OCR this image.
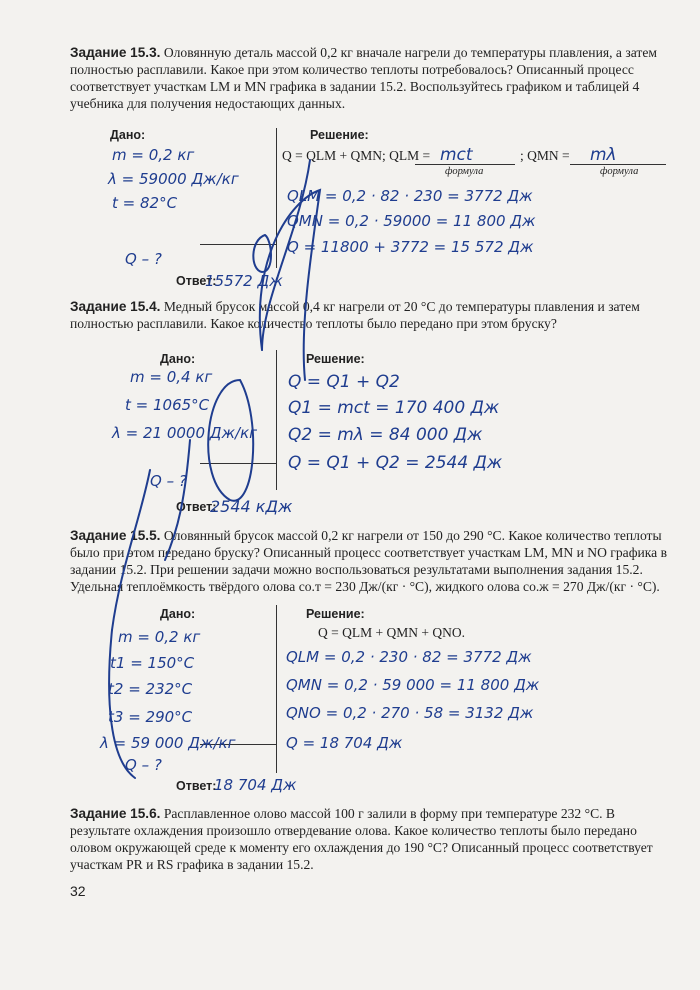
Задание 15.3. Оловянную деталь массой 0,2 кг вначале нагрели до температуры плавления, а затем полностью расплавили. Какое при этом количество теплоты потребовалось? Описанный процесс соответствует участкам LM и MN графика в задании 15.2. Воспользуйтесь графиком и таблицей 4 учебника для получения недостающих данных.
Дано:	Решение:
Q = QLM + QMN; QLM =	; QMN =
формула	формула
Ответ:
m = 0,2 кг
λ = 59000 Дж/кг
t = 82°C
Q – ?
mct	mλ
QLM = 0,2 · 82 · 230 = 3772 Дж
QMN = 0,2 · 59000 = 11 800 Дж
Q = 11800 + 3772 = 15 572 Дж
15572 Дж
Задание 15.4. Медный брусок массой 0,4 кг нагрели от 20 °C до температуры плавления и затем полностью расплавили. Какое количество теплоты было передано при этом бруску?
Дано:	Решение:
Ответ:
m = 0,4 кг
t = 1065°C
λ = 21 0000 Дж/кг
Q – ?
Q = Q1 + Q2
Q1 = mct = 170 400 Дж
Q2 = mλ = 84 000 Дж
Q = Q1 + Q2 = 2544 Дж
2544 кДж
Задание 15.5. Оловянный брусок массой 0,2 кг нагрели от 150 до 290 °C. Какое количество теплоты было при этом передано бруску? Описанный процесс соответствует участкам LM, MN и NO графика в задании 15.2. При решении задачи можно воспользоваться результатами выполнения задания 15.2. Удельная теплоёмкость твёрдого олова cо.т = 230 Дж/(кг · °C), жидкого олова cо.ж = 270 Дж/(кг · °C).
Дано:	Решение:
Q = QLM + QMN + QNO.
Ответ:
m = 0,2 кг
t1 = 150°C
t2 = 232°C
t3 = 290°C
λ = 59 000 Дж/кг
Q – ?
QLM = 0,2 · 230 · 82 = 3772 Дж
QMN = 0,2 · 59 000 = 11 800 Дж
QNO = 0,2 · 270 · 58 = 3132 Дж
Q = 18 704 Дж
18 704 Дж
Задание 15.6. Расплавленное олово массой 100 г залили в форму при температуре 232 °C. В результате охлаждения произошло отвердевание олова. Какое количество теплоты было передано оловом окружающей среде к моменту его охлаждения до 190 °C? Описанный процесс соответствует участкам PR и RS графика в задании 15.2.
32
